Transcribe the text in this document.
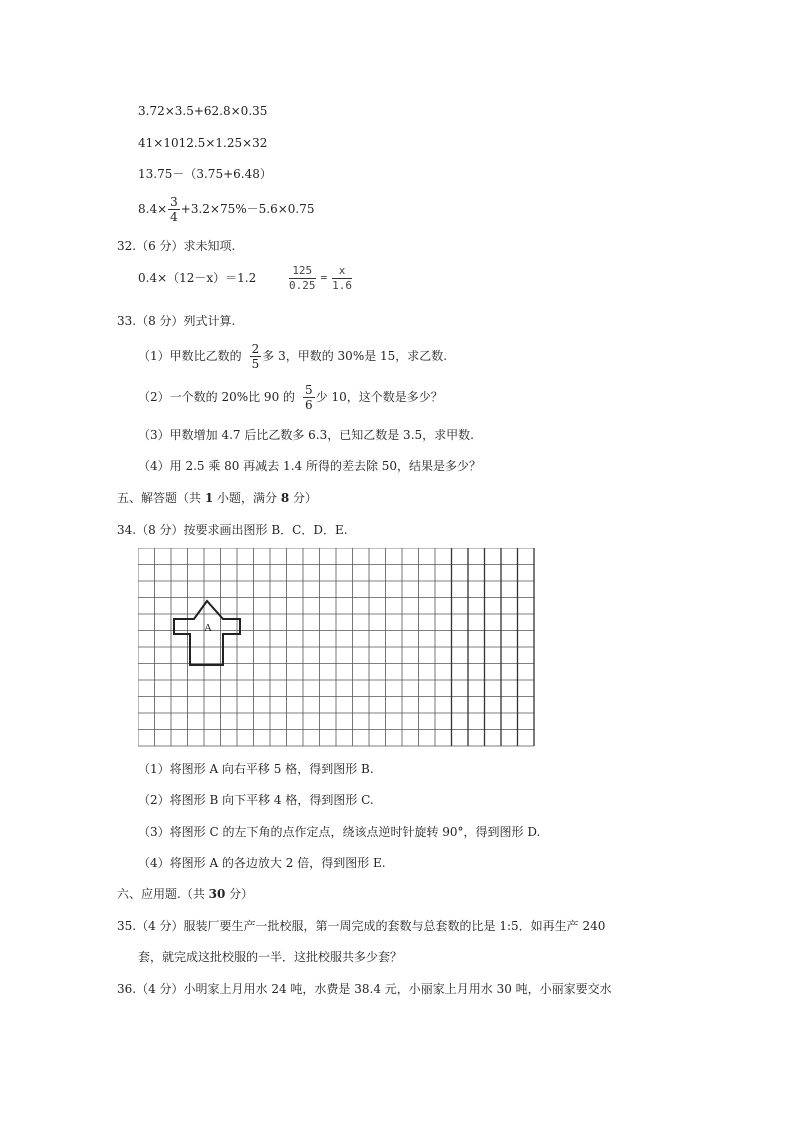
3.72×3.5+62.8×0.35
41×1012.5×1.25×32
13.75－（3.75+6.48）
$8.4\times \frac{3}{4} +3.2\times 75\%-5.6\times 0.75$
32.（6 分）求未知项.
0.4×（12－x）＝1.2	$\frac{125}{0.25} = \frac{x}{1.6}$
33.（8 分）列式计算.
（1）甲数比乙数的 $\frac{2}{5}$ 多 3，甲数的 30%是 15，求乙数.
（2）一个数的 20%比 90 的 $\frac{5}{6}$ 少 10，这个数是多少？
（3）甲数增加 4.7 后比乙数多 6.3，已知乙数是 3.5，求甲数.
（4）用 2.5 乘 80 再减去 1.4 所得的差去除 50，结果是多少？
五、解答题（共 1 小题，满分 8 分）
34.（8 分）按要求画出图形 B．C．D．E.
A
（1）将图形 A 向右平移 5 格，得到图形 B.
（2）将图形 B 向下平移 4 格，得到图形 C.
（3）将图形 C 的左下角的点作定点，绕该点逆时针旋转 90°，得到图形 D.
（4）将图形 A 的各边放大 2 倍，得到图形 E.
六、应用题.（共 30 分）
35.（4 分）服装厂要生产一批校服，第一周完成的套数与总套数的比是 1:5．如再生产 240
套，就完成这批校服的一半．这批校服共多少套？
36.（4 分）小明家上月用水 24 吨，水费是 38.4 元，小丽家上月用水 30 吨，小丽家要交水
